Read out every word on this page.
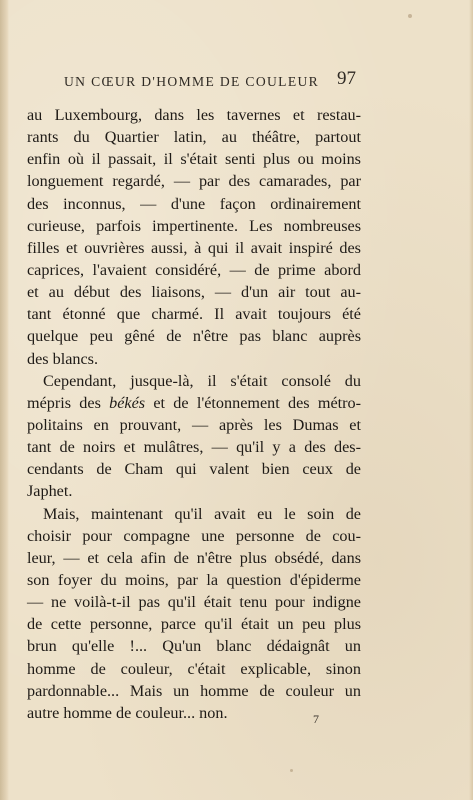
UN CŒUR D'HOMME DE COULEUR 97
au Luxembourg, dans les tavernes et restau-
rants du Quartier latin, au théâtre, partout
enfin où il passait, il s'était senti plus ou moins
longuement regardé, — par des camarades, par
des inconnus, — d'une façon ordinairement
curieuse, parfois impertinente. Les nombreuses
filles et ouvrières aussi, à qui il avait inspiré des
caprices, l'avaient considéré, — de prime abord
et au début des liaisons, — d'un air tout au-
tant étonné que charmé. Il avait toujours été
quelque peu gêné de n'être pas blanc auprès
des blancs.
Cependant, jusque-là, il s'était consolé du
mépris des békés et de l'étonnement des métro-
politains en prouvant, — après les Dumas et
tant de noirs et mulâtres, — qu'il y a des des-
cendants de Cham qui valent bien ceux de
Japhet.
Mais, maintenant qu'il avait eu le soin de
choisir pour compagne une personne de cou-
leur, — et cela afin de n'être plus obsédé, dans
son foyer du moins, par la question d'épiderme
— ne voilà-t-il pas qu'il était tenu pour indigne
de cette personne, parce qu'il était un peu plus
brun qu'elle !... Qu'un blanc dédaignât un
homme de couleur, c'était explicable, sinon
pardonnable... Mais un homme de couleur un
autre homme de couleur... non.	7
